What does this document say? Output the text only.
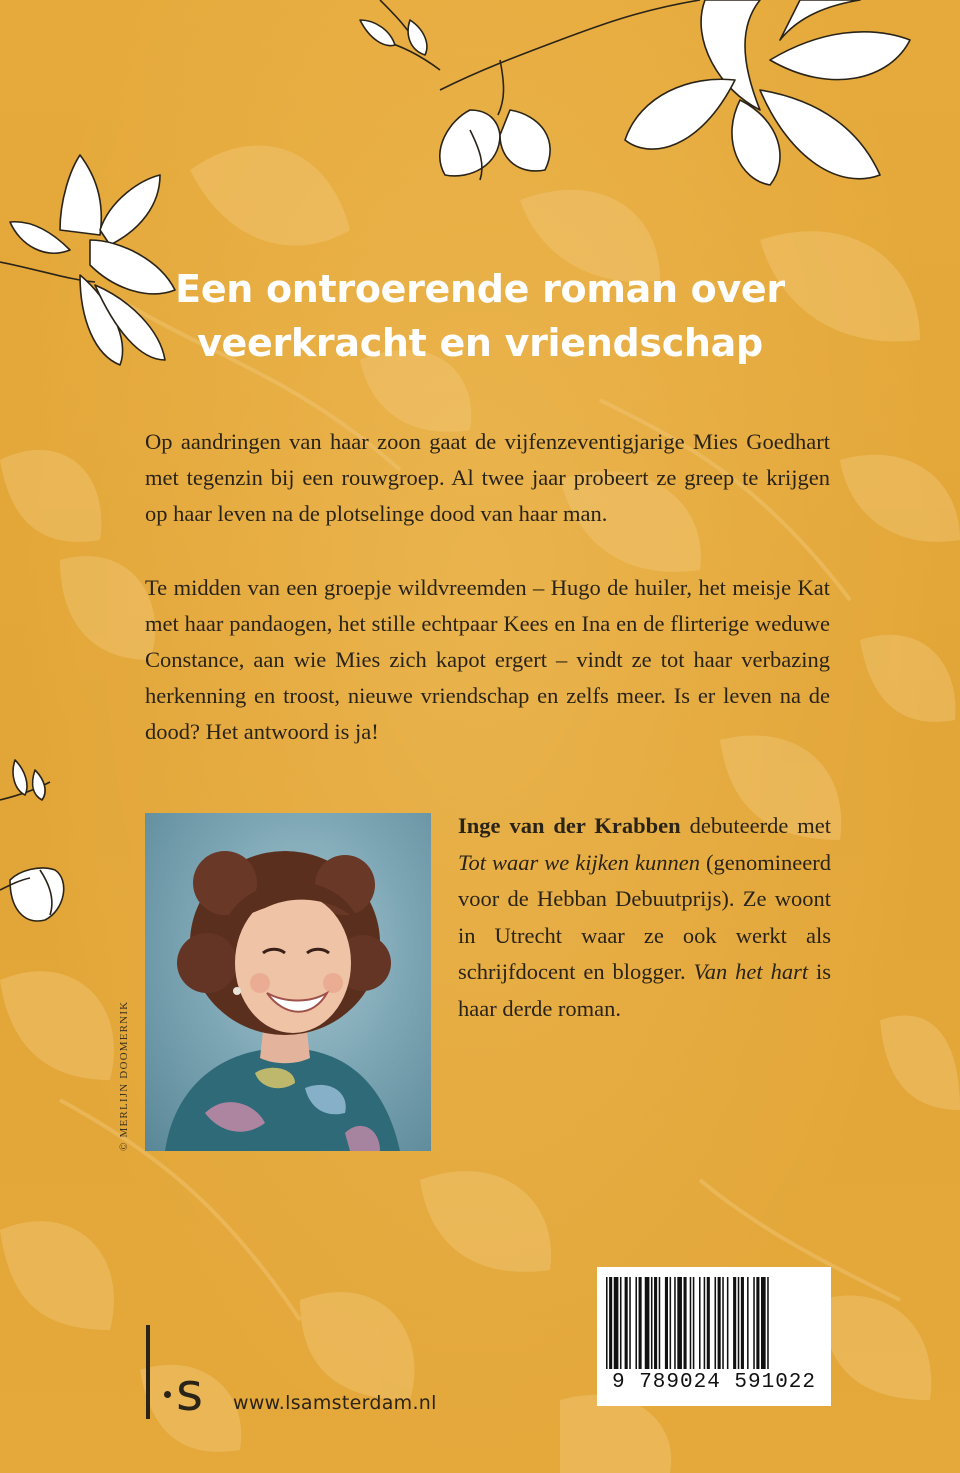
Een ontroerende roman over
veerkracht en vriendschap

Op aandringen van haar zoon gaat de vijfenzeventigjarige Mies Goedhart met tegenzin bij een rouwgroep. Al twee jaar probeert ze greep te krijgen op haar leven na de plotselinge dood van haar man.

Te midden van een groepje wildvreemden – Hugo de huiler, het meisje Kat met haar pandaogen, het stille echtpaar Kees en Ina en de flirterige weduwe Constance, aan wie Mies zich kapot ergert – vindt ze tot haar verbazing herkenning en troost, nieuwe vriendschap en zelfs meer. Is er leven na de dood? Het antwoord is ja!

© MERLIJN DOOMERNIK
Inge van der Krabben debuteerde met Tot waar we kijken kunnen (genomineerd voor de Hebban Debuutprijs). Ze woont in Utrecht waar ze ook werkt als schrijfdocent en blogger. Van het hart is haar derde roman.
s www.lsamsterdam.nl
9 789024 591022
